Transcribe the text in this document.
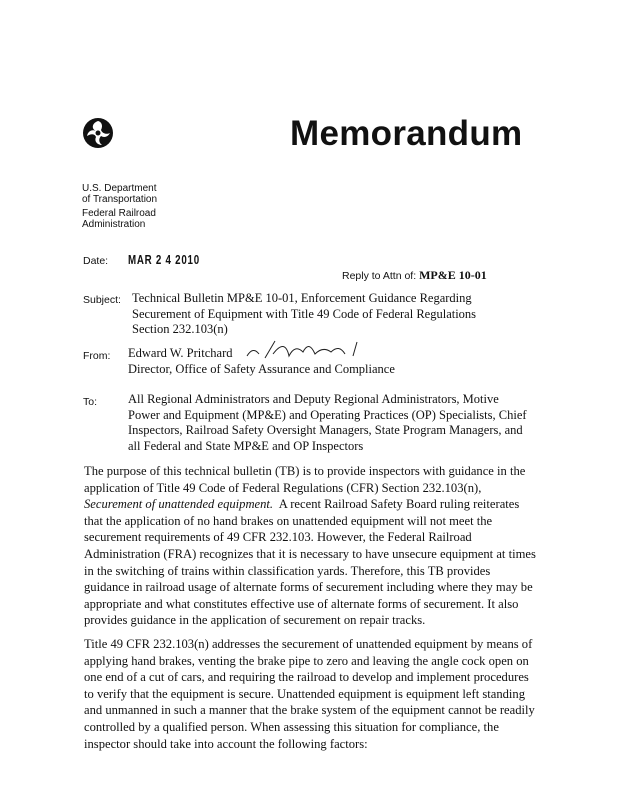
Memorandum
U.S. Department
of Transportation
Federal Railroad
Administration
Date: MAR 2 4 2010
Reply to Attn of: MP&E 10-01
Subject: Technical Bulletin MP&E 10-01, Enforcement Guidance Regarding
Securement of Equipment with Title 49 Code of Federal Regulations
Section 232.103(n)
From: Edward W. Pritchard
Director, Office of Safety Assurance and Compliance
To: All Regional Administrators and Deputy Regional Administrators, Motive
Power and Equipment (MP&E) and Operating Practices (OP) Specialists, Chief
Inspectors, Railroad Safety Oversight Managers, State Program Managers, and
all Federal and State MP&E and OP Inspectors
The purpose of this technical bulletin (TB) is to provide inspectors with guidance in the
application of Title 49 Code of Federal Regulations (CFR) Section 232.103(n),
Securement of unattended equipment.  A recent Railroad Safety Board ruling reiterates
that the application of no hand brakes on unattended equipment will not meet the
securement requirements of 49 CFR 232.103. However, the Federal Railroad
Administration (FRA) recognizes that it is necessary to have unsecure equipment at times
in the switching of trains within classification yards. Therefore, this TB provides
guidance in railroad usage of alternate forms of securement including where they may be
appropriate and what constitutes effective use of alternate forms of securement. It also
provides guidance in the application of securement on repair tracks.
Title 49 CFR 232.103(n) addresses the securement of unattended equipment by means of
applying hand brakes, venting the brake pipe to zero and leaving the angle cock open on
one end of a cut of cars, and requiring the railroad to develop and implement procedures
to verify that the equipment is secure. Unattended equipment is equipment left standing
and unmanned in such a manner that the brake system of the equipment cannot be readily
controlled by a qualified person. When assessing this situation for compliance, the
inspector should take into account the following factors:
